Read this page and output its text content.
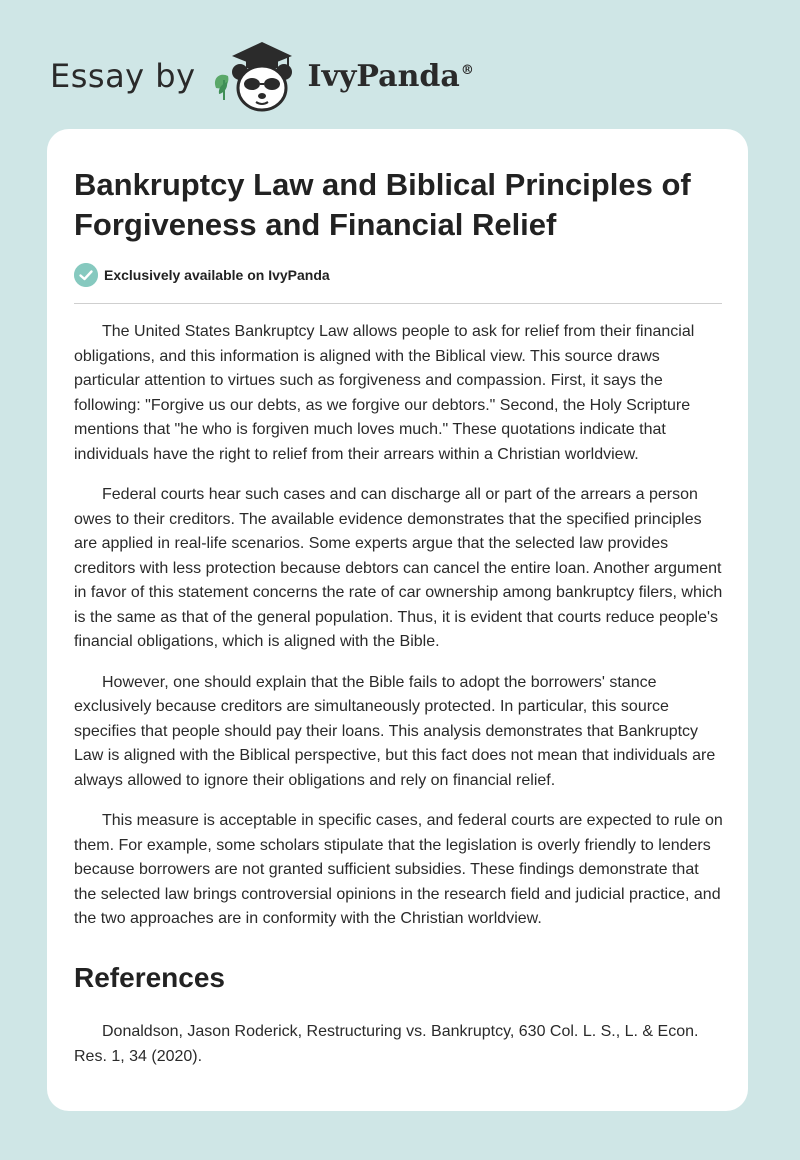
Essay by	IvyPanda®
Bankruptcy Law and Biblical Principles of Forgiveness and Financial Relief
Exclusively available on IvyPanda

The United States Bankruptcy Law allows people to ask for relief from their financial obligations, and this information is aligned with the Biblical view. This source draws particular attention to virtues such as forgiveness and compassion. First, it says the following: "Forgive us our debts, as we forgive our debtors." Second, the Holy Scripture mentions that "he who is forgiven much loves much." These quotations indicate that individuals have the right to relief from their arrears within a Christian worldview.

Federal courts hear such cases and can discharge all or part of the arrears a person owes to their creditors. The available evidence demonstrates that the specified principles are applied in real-life scenarios. Some experts argue that the selected law provides creditors with less protection because debtors can cancel the entire loan. Another argument in favor of this statement concerns the rate of car ownership among bankruptcy filers, which is the same as that of the general population. Thus, it is evident that courts reduce people's financial obligations, which is aligned with the Bible.

However, one should explain that the Bible fails to adopt the borrowers' stance exclusively because creditors are simultaneously protected. In particular, this source specifies that people should pay their loans. This analysis demonstrates that Bankruptcy Law is aligned with the Biblical perspective, but this fact does not mean that individuals are always allowed to ignore their obligations and rely on financial relief.

This measure is acceptable in specific cases, and federal courts are expected to rule on them. For example, some scholars stipulate that the legislation is overly friendly to lenders because borrowers are not granted sufficient subsidies. These findings demonstrate that the selected law brings controversial opinions in the research field and judicial practice, and the two approaches are in conformity with the Christian worldview.

References

Donaldson, Jason Roderick, Restructuring vs. Bankruptcy, 630 Col. L. S., L. & Econ. Res. 1, 34 (2020).
